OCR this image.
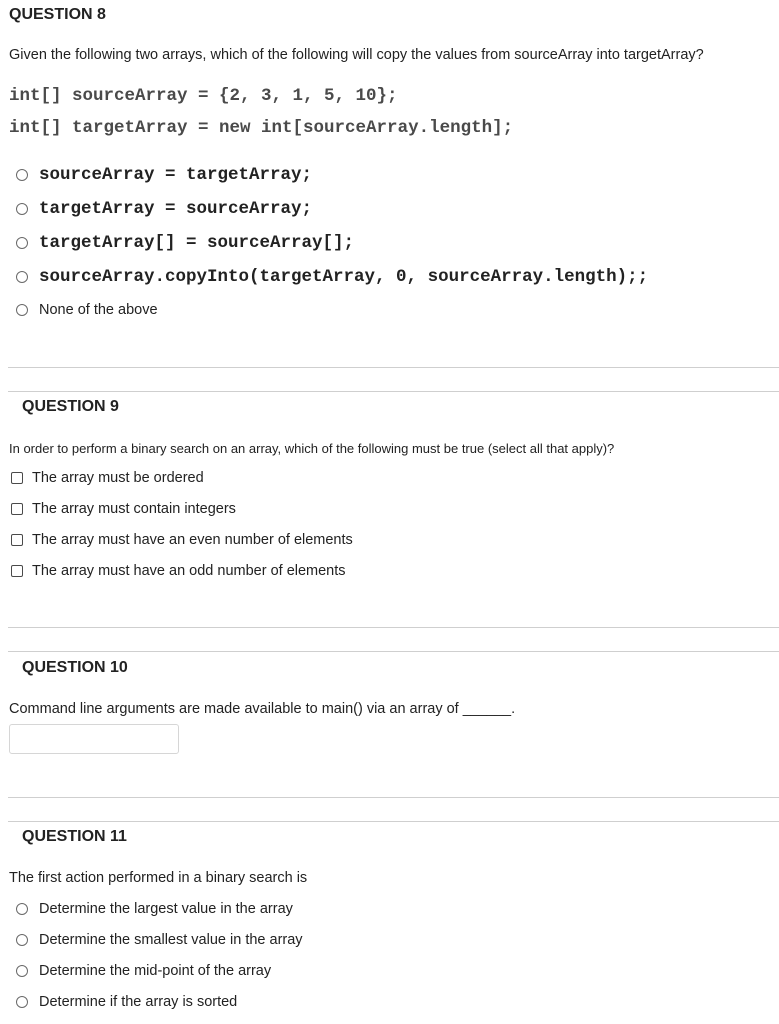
QUESTION 8
Given the following two arrays, which of the following will copy the values from sourceArray into targetArray?
int[] sourceArray = {2, 3, 1, 5, 10};
int[] targetArray = new int[sourceArray.length];
sourceArray = targetArray;
targetArray = sourceArray;
targetArray[] = sourceArray[];
sourceArray.copyInto(targetArray, 0, sourceArray.length);;
None of the above
QUESTION 9
In order to perform a binary search on an array, which of the following must be true (select all that apply)?
The array must be ordered
The array must contain integers
The array must have an even number of elements
The array must have an odd number of elements
QUESTION 10
Command line arguments are made available to main() via an array of ______.
QUESTION 11
The first action performed in a binary search is
Determine the largest value in the array
Determine the smallest value in the array
Determine the mid-point of the array
Determine if the array is sorted
